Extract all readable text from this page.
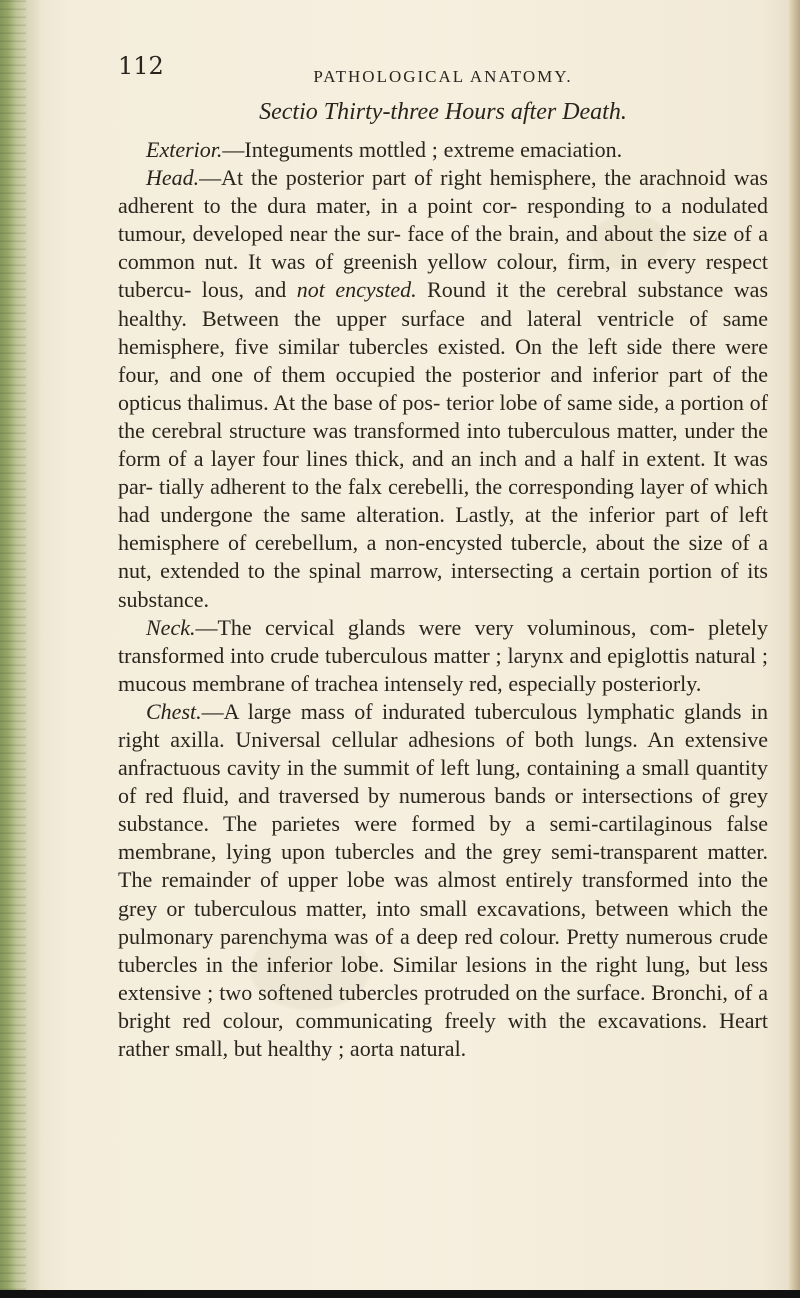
112	PATHOLOGICAL ANATOMY.
Sectio Thirty-three Hours after Death.

Exterior.—Integuments mottled ; extreme emaciation.

Head.—At the posterior part of right hemisphere, the arachnoid was adherent to the dura mater, in a point cor- responding to a nodulated tumour, developed near the sur- face of the brain, and about the size of a common nut. It was of greenish yellow colour, firm, in every respect tubercu- lous, and not encysted. Round it the cerebral substance was healthy. Between the upper surface and lateral ventricle of same hemisphere, five similar tubercles existed. On the left side there were four, and one of them occupied the posterior and inferior part of the opticus thalimus. At the base of pos- terior lobe of same side, a portion of the cerebral structure was transformed into tuberculous matter, under the form of a layer four lines thick, and an inch and a half in extent. It was par- tially adherent to the falx cerebelli, the corresponding layer of which had undergone the same alteration. Lastly, at the inferior part of left hemisphere of cerebellum, a non-encysted tubercle, about the size of a nut, extended to the spinal marrow, intersecting a certain portion of its substance.

Neck.—The cervical glands were very voluminous, com- pletely transformed into crude tuberculous matter ; larynx and epiglottis natural ; mucous membrane of trachea intensely red, especially posteriorly.

Chest.—A large mass of indurated tuberculous lymphatic glands in right axilla. Universal cellular adhesions of both lungs. An extensive anfractuous cavity in the summit of left lung, containing a small quantity of red fluid, and traversed by numerous bands or intersections of grey substance. The parietes were formed by a semi-cartilaginous false membrane, lying upon tubercles and the grey semi-transparent matter. The remainder of upper lobe was almost entirely transformed into the grey or tuberculous matter, into small excavations, between which the pulmonary parenchyma was of a deep red colour. Pretty numerous crude tubercles in the inferior lobe. Similar lesions in the right lung, but less extensive ; two softened tubercles protruded on the surface. Bronchi, of a bright red colour, communicating freely with the excavations. Heart rather small, but healthy ; aorta natural.
